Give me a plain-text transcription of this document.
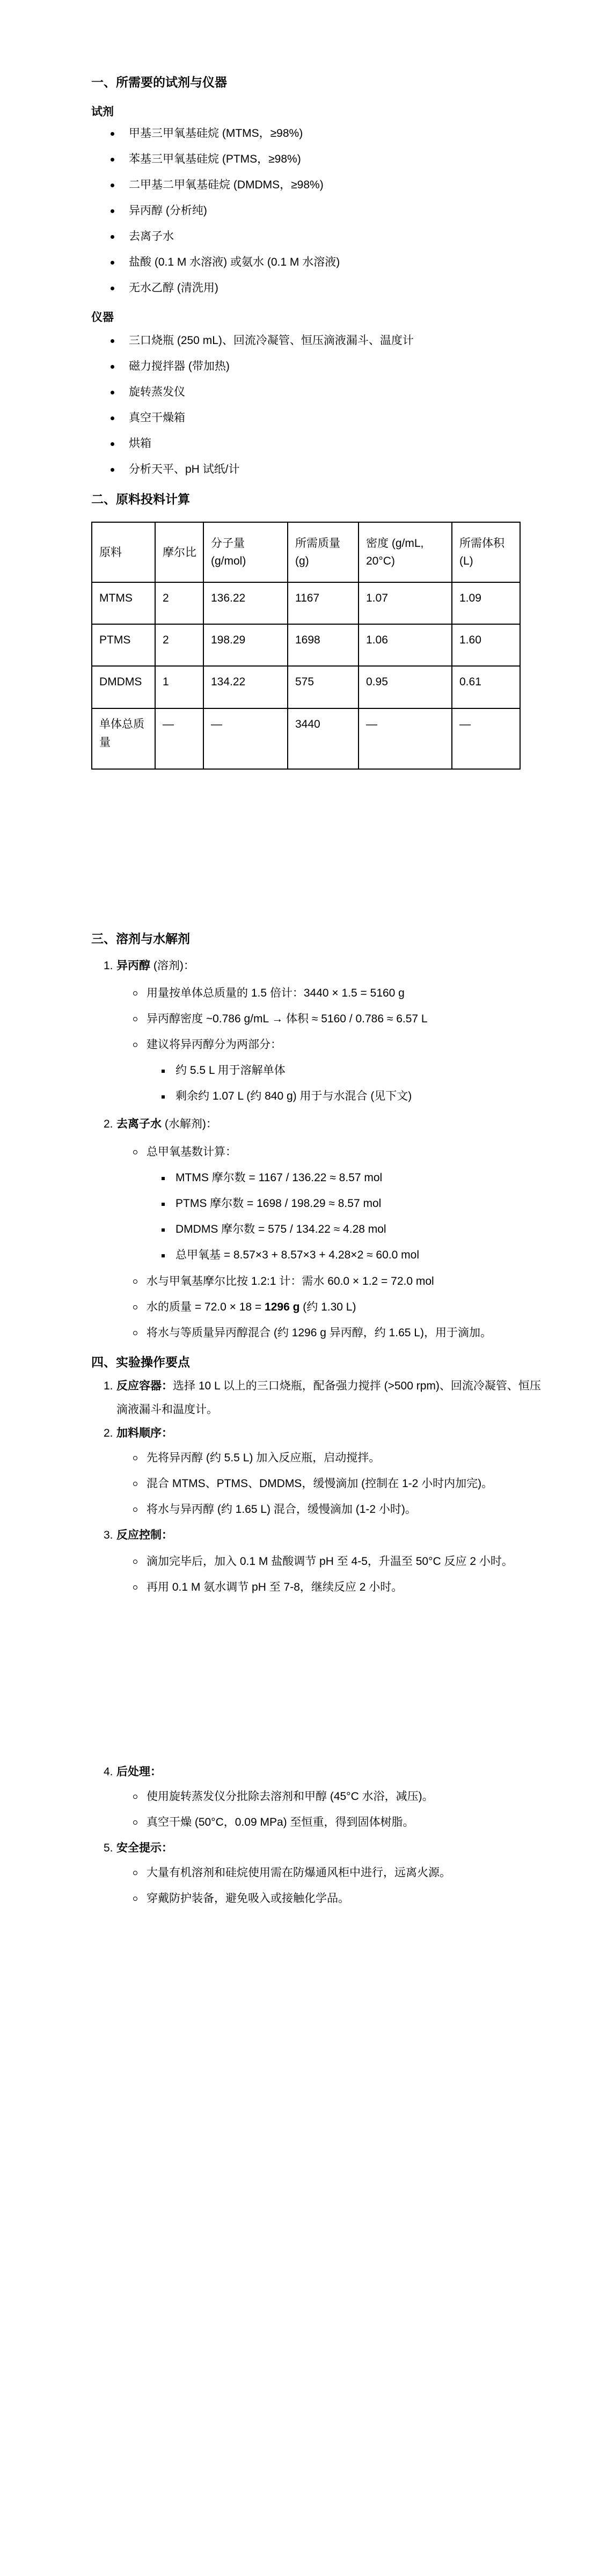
一、所需要的试剂与仪器
试剂
甲基三甲氧基硅烷 (MTMS，≥98%)
苯基三甲氧基硅烷 (PTMS，≥98%)
二甲基二甲氧基硅烷 (DMDMS，≥98%)
异丙醇 (分析纯)
去离子水
盐酸 (0.1 M 水溶液) 或氨水 (0.1 M 水溶液)
无水乙醇 (清洗用)
仪器
三口烧瓶 (250 mL)、回流冷凝管、恒压滴液漏斗、温度计
磁力搅拌器 (带加热)
旋转蒸发仪
真空干燥箱
烘箱
分析天平、pH 试纸/计
二、原料投料计算
原料	摩尔比	分子量 (g/mol)	所需质量 (g)	密度 (g/mL, 20°C)	所需体积 (L)
MTMS	2	136.22	1167	1.07	1.09
PTMS	2	198.29	1698	1.06	1.60
DMDMS	1	134.22	575	0.95	0.61
单体总质量	—	—	3440	—	—
三、溶剂与水解剂
1. 异丙醇 (溶剂)：
用量按单体总质量的 1.5 倍计：3440 × 1.5 = 5160 g
异丙醇密度 ~0.786 g/mL → 体积 ≈ 5160 / 0.786 ≈ 6.57 L
建议将异丙醇分为两部分：
约 5.5 L 用于溶解单体
剩余约 1.07 L (约 840 g) 用于与水混合 (见下文)
2. 去离子水 (水解剂)：
总甲氧基数计算：
MTMS 摩尔数 = 1167 / 136.22 ≈ 8.57 mol
PTMS 摩尔数 = 1698 / 198.29 ≈ 8.57 mol
DMDMS 摩尔数 = 575 / 134.22 ≈ 4.28 mol
总甲氧基 = 8.57×3 + 8.57×3 + 4.28×2 ≈ 60.0 mol
水与甲氧基摩尔比按 1.2:1 计：需水 60.0 × 1.2 = 72.0 mol
水的质量 = 72.0 × 18 = 1296 g (约 1.30 L)
将水与等质量异丙醇混合 (约 1296 g 异丙醇，约 1.65 L)，用于滴加。
四、实验操作要点
1. 反应容器：选择 10 L 以上的三口烧瓶，配备强力搅拌 (>500 rpm)、回流冷凝管、恒压滴液漏斗和温度计。
2. 加料顺序：
先将异丙醇 (约 5.5 L) 加入反应瓶，启动搅拌。
混合 MTMS、PTMS、DMDMS，缓慢滴加 (控制在 1-2 小时内加完)。
将水与异丙醇 (约 1.65 L) 混合，缓慢滴加 (1-2 小时)。
3. 反应控制：
滴加完毕后，加入 0.1 M 盐酸调节 pH 至 4-5，升温至 50°C 反应 2 小时。
再用 0.1 M 氨水调节 pH 至 7-8，继续反应 2 小时。
4. 后处理：
使用旋转蒸发仪分批除去溶剂和甲醇 (45°C 水浴，减压)。
真空干燥 (50°C，0.09 MPa) 至恒重，得到固体树脂。
5. 安全提示：
大量有机溶剂和硅烷使用需在防爆通风柜中进行，远离火源。
穿戴防护装备，避免吸入或接触化学品。
